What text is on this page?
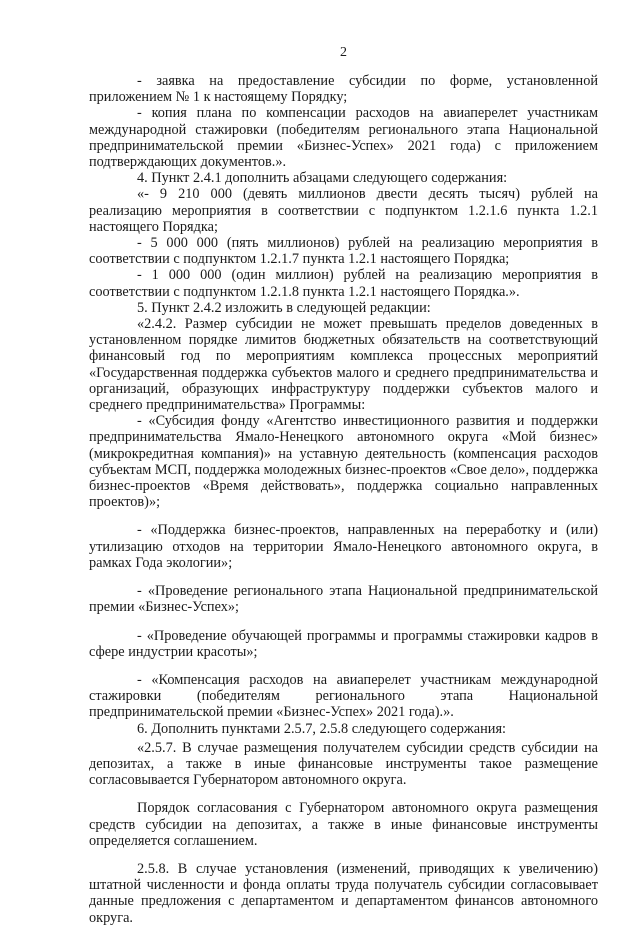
2

- заявка на предоставление субсидии по форме, установленной приложением № 1 к настоящему Порядку;

- копия плана по компенсации расходов на авиаперелет участникам международной стажировки (победителям регионального этапа Национальной предпринимательской премии «Бизнес-Успех» 2021 года) с приложением подтверждающих документов.».

4. Пункт 2.4.1 дополнить абзацами следующего содержания:

«- 9 210 000 (девять миллионов двести десять тысяч) рублей на реализацию мероприятия в соответствии с подпунктом 1.2.1.6 пункта 1.2.1 настоящего Порядка;

- 5 000 000 (пять миллионов) рублей на реализацию мероприятия в соответствии с подпунктом 1.2.1.7 пункта 1.2.1 настоящего Порядка;

- 1 000 000 (один миллион) рублей на реализацию мероприятия в соответствии с подпунктом 1.2.1.8 пункта 1.2.1 настоящего Порядка.».

5. Пункт 2.4.2 изложить в следующей редакции:

«2.4.2. Размер субсидии не может превышать пределов доведенных в установленном порядке лимитов бюджетных обязательств на соответствующий финансовый год по мероприятиям комплекса процессных мероприятий «Государственная поддержка субъектов малого и среднего предпринимательства и организаций, образующих инфраструктуру поддержки субъектов малого и среднего предпринимательства» Программы:

- «Субсидия фонду «Агентство инвестиционного развития и поддержки предпринимательства Ямало-Ненецкого автономного округа «Мой бизнес» (микрокредитная компания)» на уставную деятельность (компенсация расходов субъектам МСП, поддержка молодежных бизнес-проектов «Свое дело», поддержка бизнес-проектов «Время действовать», поддержка социально направленных проектов)»;

- «Поддержка бизнес-проектов, направленных на переработку и (или) утилизацию отходов на территории Ямало-Ненецкого автономного округа, в рамках Года экологии»;

- «Проведение регионального этапа Национальной предпринимательской премии «Бизнес-Успех»;

- «Проведение обучающей программы и программы стажировки кадров в сфере индустрии красоты»;

- «Компенсация расходов на авиаперелет участникам международной стажировки (победителям регионального этапа Национальной предпринимательской премии «Бизнес-Успех» 2021 года).».

6. Дополнить пунктами 2.5.7, 2.5.8 следующего содержания:

«2.5.7. В случае размещения получателем субсидии средств субсидии на депозитах, а также в иные финансовые инструменты такое размещение согласовывается Губернатором автономного округа.

Порядок согласования с Губернатором автономного округа размещения средств субсидии на депозитах, а также в иные финансовые инструменты определяется соглашением.

2.5.8. В случае установления (изменений, приводящих к увеличению) штатной численности и фонда оплаты труда получатель субсидии согласовывает данные предложения с департаментом и департаментом финансов автономного округа.
